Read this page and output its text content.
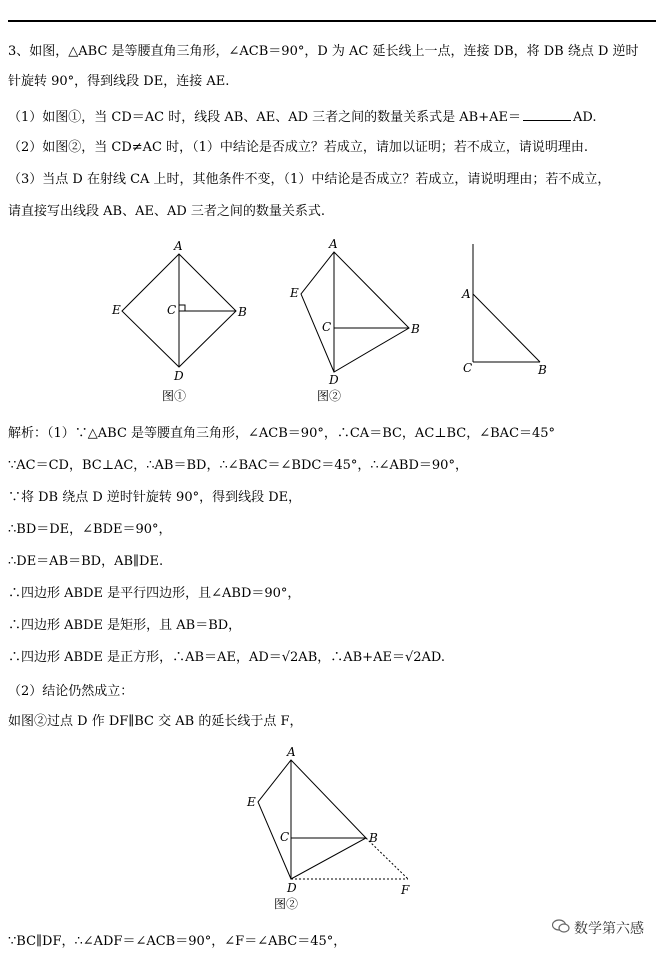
3、如图，△ABC 是等腰直角三角形，∠ACB＝90°，D 为 AC 延长线上一点，连接 DB，将 DB 绕点 D 逆时
针旋转 90°，得到线段 DE，连接 AE.
（1）如图①，当 CD＝AC 时，线段 AB、AE、AD 三者之间的数量关系式是 AB+AE＝	AD.
（2）如图②，当 CD≠AC 时，（1）中结论是否成立？若成立，请加以证明；若不成立，请说明理由.
（3）当点 D 在射线 CA 上时，其他条件不变，（1）中结论是否成立？若成立，请说明理由；若不成立，
请直接写出线段 AB、AE、AD 三者之间的数量关系式.
A
B
C
D
E
图①
A
B
C
D
E
图②
A
B
C
解析：（1）∵△ABC 是等腰直角三角形，∠ACB＝90°，∴CA＝BC，AC⊥BC，∠BAC＝45°
∵AC＝CD，BC⊥AC，∴AB＝BD，∴∠BAC＝∠BDC＝45°，∴∠ABD＝90°，
∵将 DB 绕点 D 逆时针旋转 90°，得到线段 DE，
∴BD＝DE，∠BDE＝90°，
∴DE＝AB＝BD，AB∥DE.
∴四边形 ABDE 是平行四边形，且∠ABD＝90°，
∴四边形 ABDE 是矩形，且 AB＝BD，
∴四边形 ABDE 是正方形，∴AB＝AE，AD＝√2AB，∴AB+AE＝√2AD.
（2）结论仍然成立：
如图②过点 D 作 DF∥BC 交 AB 的延长线于点 F，
A
B
C
D
E
F
图②
∵BC∥DF，∴∠ADF＝∠ACB＝90°，∠F＝∠ABC＝45°，
数学第六感
